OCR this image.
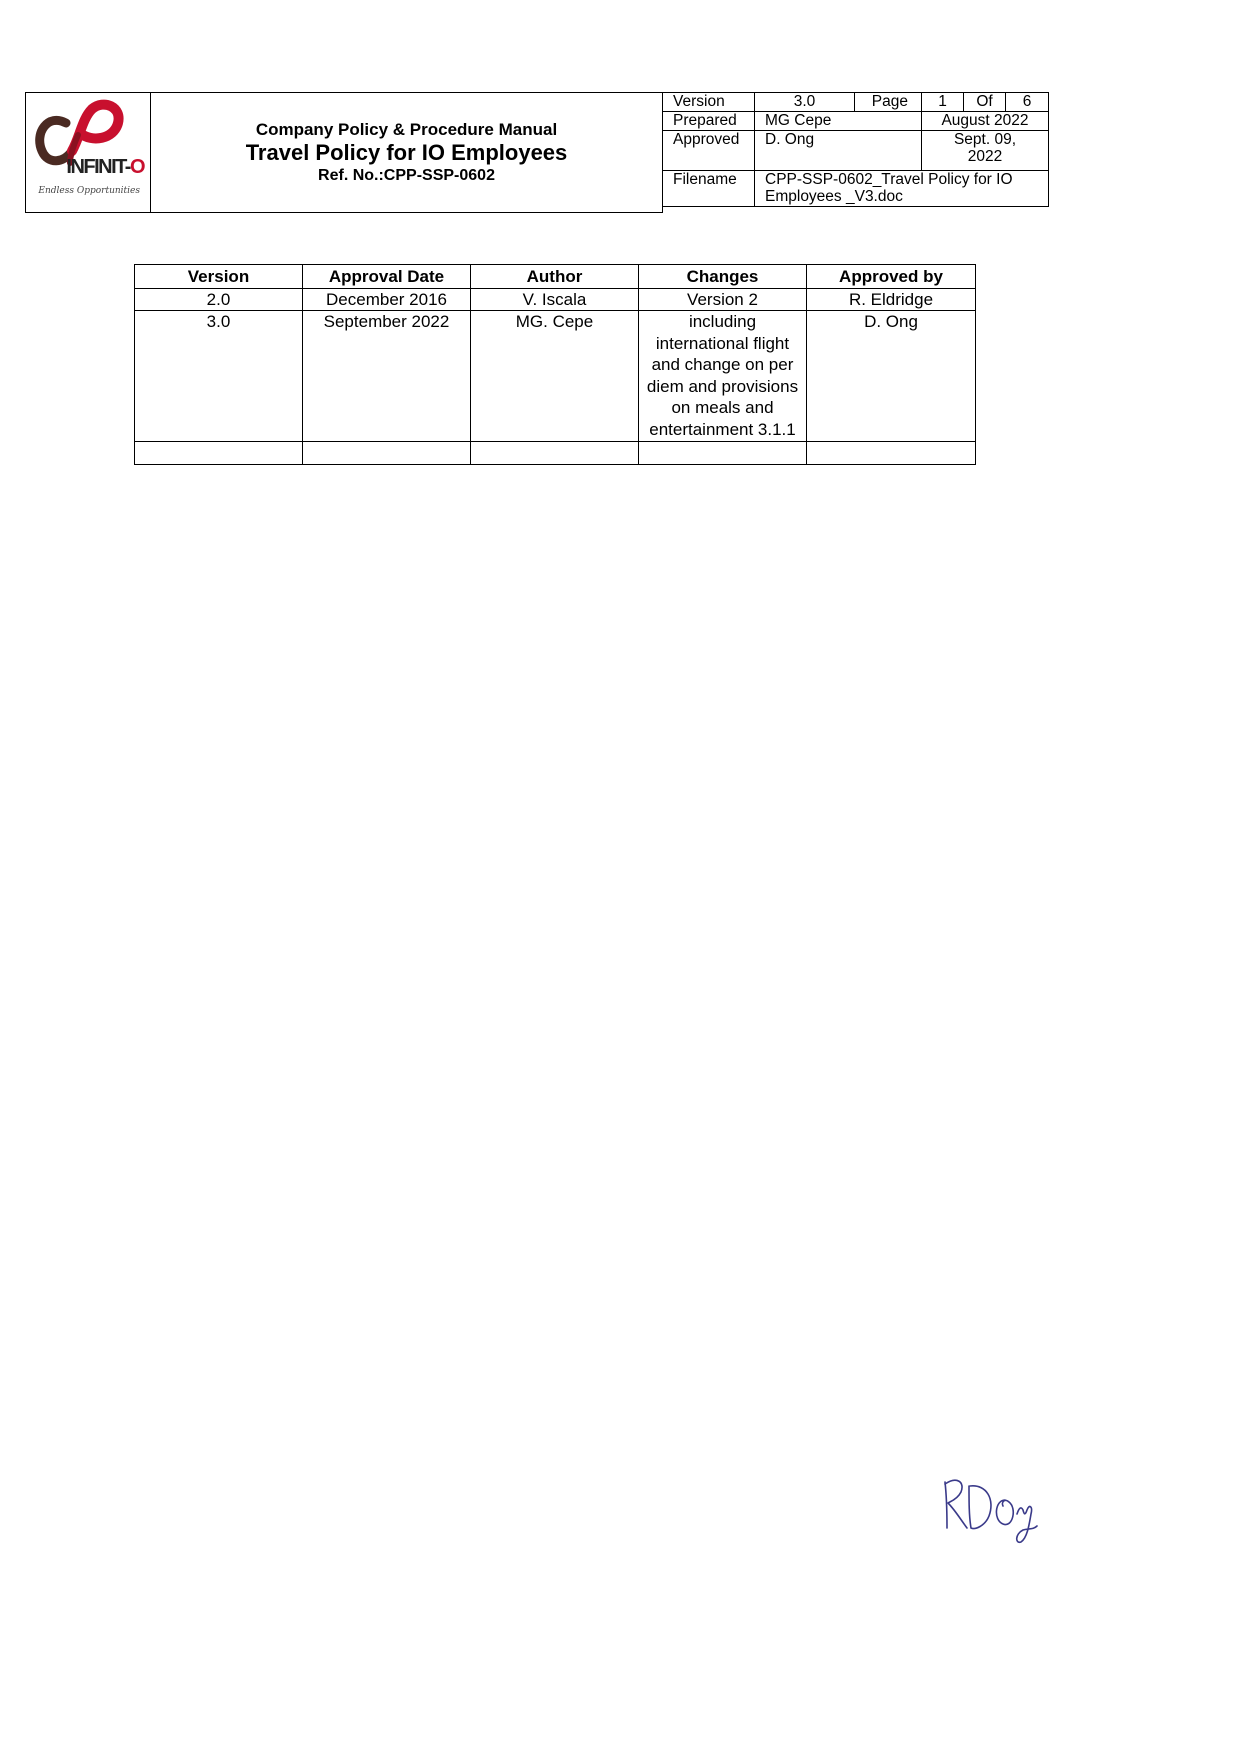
INFINIT-O
Endless Opportunities
Company Policy & Procedure Manual
Travel Policy for IO Employees
Ref. No.:CPP-SSP-0602
Version	3.0	Page	1	Of	6
Prepared	MG Cepe		August 2022		
Approved	D. Ong		Sept. 09, 2022		
Filename	CPP-SSP-0602_Travel Policy for IO Employees _V3.doc				
Version	Approval Date	Author	Changes	Approved by
2.0	December 2016	V. Iscala	Version 2	R. Eldridge
3.0	September 2022	MG. Cepe	including international flight and change on per diem and provisions on meals and entertainment 3.1.1	D. Ong
